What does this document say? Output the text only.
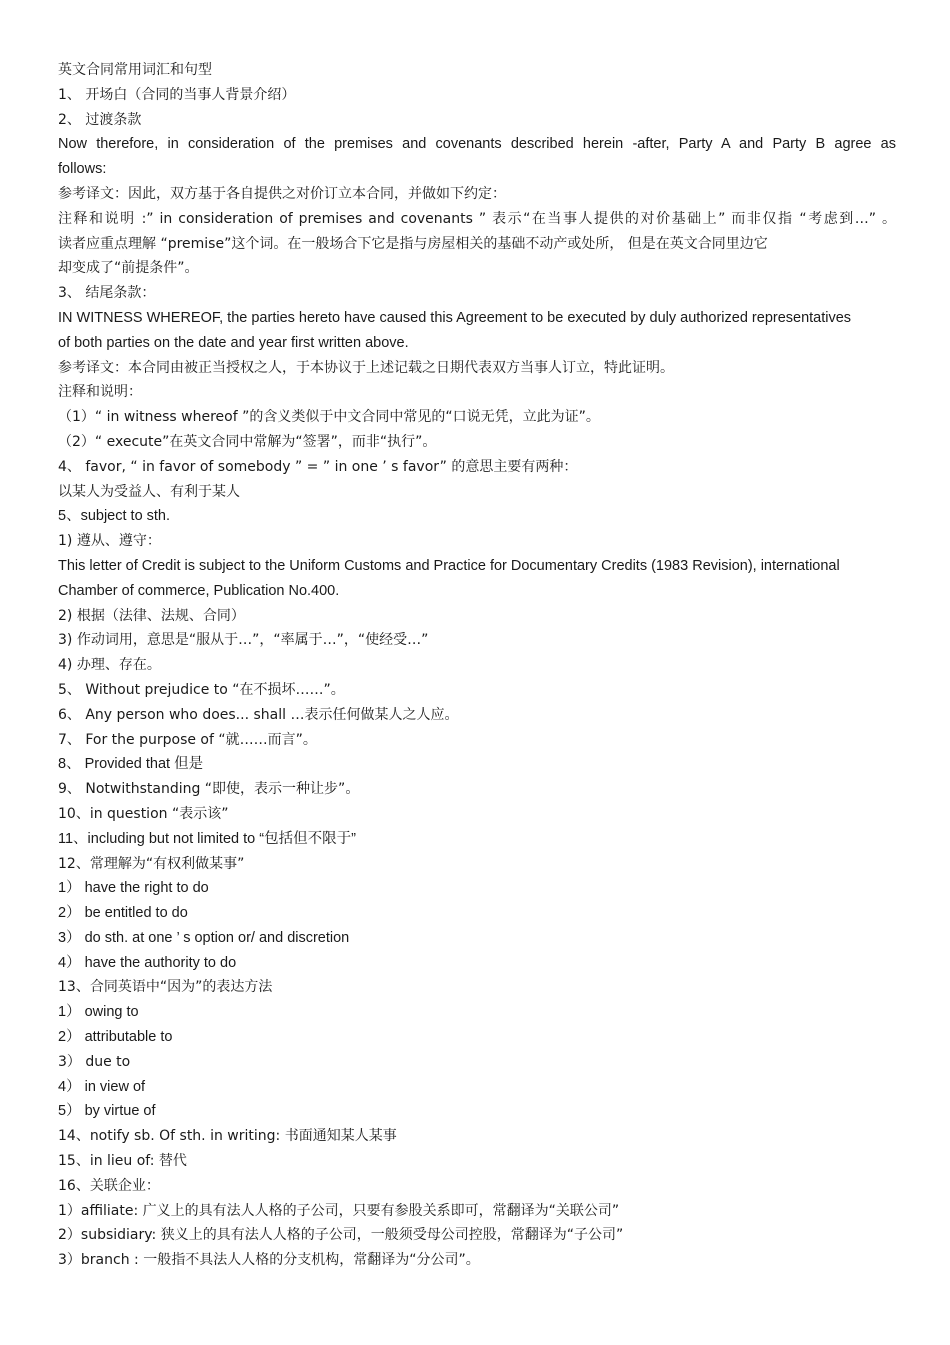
英文合同常用词汇和句型
1、 开场白（合同的当事人背景介绍）
2、 过渡条款
Now therefore, in consideration of the premises and covenants described herein -after, Party A and Party B agree as
follows:
参考译文：因此，双方基于各自提供之对价订立本合同，并做如下约定：
注释和说明 :” in consideration of premises and covenants ” 表示“在当事人提供的对价基础上” 而非仅指 “考虑到…” 。
读者应重点理解 “premise”这个词。在一般场合下它是指与房屋相关的基础不动产或处所， 但是在英文合同里边它
却变成了“前提条件”。
3、 结尾条款：
IN WITNESS WHEREOF, the parties hereto have caused this Agreement to be executed by duly authorized representatives
of both parties on the date and year first written above.
参考译文：本合同由被正当授权之人，于本协议于上述记载之日期代表双方当事人订立，特此证明。
注释和说明：
（1）“ in witness whereof ”的含义类似于中文合同中常见的“口说无凭，立此为证”。
（2）“ execute”在英文合同中常解为“签署”，而非“执行”。
4、 favor, “ in favor of somebody ” = ” in one ’ s favor” 的意思主要有两种：
以某人为受益人、有利于某人
5、subject to sth.
1) 遵从、遵守：
This letter of Credit is subject to the Uniform Customs and Practice for Documentary Credits (1983 Revision), international
Chamber of commerce, Publication No.400.
2) 根据（法律、法规、合同）
3) 作动词用，意思是“服从于…”，“率属于…”，“使经受…”
4) 办理、存在。
5、 Without prejudice to “在不损坏……”。
6、 Any person who does... shall …表示任何做某人之人应。
7、 For the purpose of “就……而言”。
8、 Provided that 但是
9、 Notwithstanding “即使，表示一种让步”。
10、in question “表示该”
11、including but not limited to “包括但不限于”
12、常理解为“有权利做某事”
1） have the right to do
2） be entitled to do
3） do sth. at one ’ s option or/ and discretion
4） have the authority to do
13、合同英语中“因为”的表达方法
1） owing to
2） attributable to
3） due to
4） in view of
5） by virtue of
14、notify sb. Of sth. in writing: 书面通知某人某事
15、in lieu of: 替代
16、关联企业：
1）affiliate: 广义上的具有法人人格的子公司，只要有参股关系即可，常翻译为“关联公司”
2）subsidiary: 狭义上的具有法人人格的子公司，一般须受母公司控股，常翻译为“子公司”
3）branch : 一般指不具法人人格的分支机构，常翻译为“分公司”。
